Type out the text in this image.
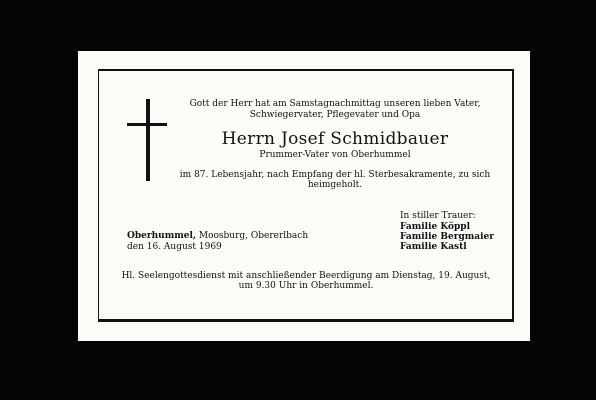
Gott der Herr hat am Samstagnachmittag unseren lieben Vater,
Schwiegervater, Pflegevater und Opa
Herrn Josef Schmidbauer
Prummer-Vater von Oberhummel
im 87. Lebensjahr, nach Empfang der hl. Sterbesakramente, zu sich
heimgeholt.
In stiller Trauer:
Familie Köppl
Familie Bergmaier
Familie Kastl
Oberhummel, Moosburg, Obererlbach
den 16. August 1969
Hl. Seelengottesdienst mit anschließender Beerdigung am Dienstag, 19. August,
um 9.30 Uhr in Oberhummel.
